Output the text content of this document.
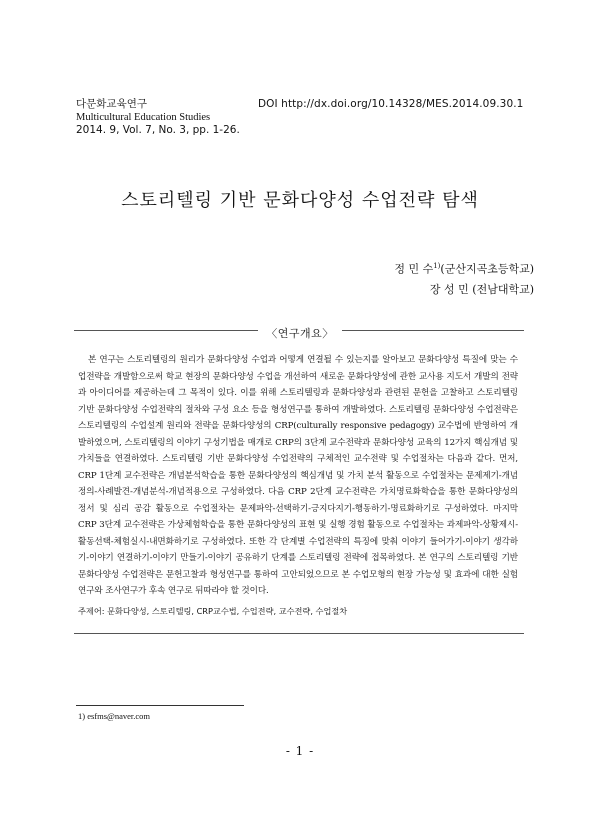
다문화교육연구
Multicultural Education Studies
2014. 9, Vol. 7, No. 3, pp. 1-26.
DOI http://dx.doi.org/10.14328/MES.2014.09.30.1
스토리텔링 기반 문화다양성 수업전략 탐색
정 민 수$^{1)}$(군산지곡초등학교)
장 성 민 (전남대학교)
〈연구개요〉
본 연구는 스토리텔링의 원리가 문화다양성 수업과 어떻게 연결될 수 있는지를 알아보고 문화다양성 특질에 맞는 수업전략을 개발함으로써 학교 현장의 문화다양성 수업을 개선하여 새로운 문화다양성에 관한 교사용 지도서 개발의 전략과 아이디어를 제공하는데 그 목적이 있다. 이를 위해 스토리텔링과 문화다양성과 관련된 문헌을 고찰하고 스토리텔링 기반 문화다양성 수업전략의 절차와 구성 요소 등을 형성연구를 통하여 개발하였다. 스토리텔링 문화다양성 수업전략은 스토리텔링의 수업설계 원리와 전략을 문화다양성의 CRP(culturally responsive pedagogy) 교수법에 반영하여 개발하였으며, 스토리텔링의 이야기 구성기법을 매개로 CRP의 3단계 교수전략과 문화다양성 교육의 12가지 핵심개념 및 가치들을 연결하였다. 스토리텔링 기반 문화다양성 수업전략의 구체적인 교수전략 및 수업절차는 다음과 같다. 먼저, CRP 1단계 교수전략은 개념분석학습을 통한 문화다양성의 핵심개념 및 가치 분석 활동으로 수업절차는 문제제기-개념정의-사례발견-개념분석-개념적용으로 구성하였다. 다음 CRP 2단계 교수전략은 가치명료화학습을 통한 문화다양성의 정서 및 심리 공감 활동으로 수업절차는 문제파악-선택하기-긍지다지기-행동하기-명료화하기로 구성하였다. 마지막 CRP 3단계 교수전략은 가상체험학습을 통한 문화다양성의 표현 및 실행 경험 활동으로 수업절차는 과제파악-상황제시-활동선택-체험실시-내면화하기로 구성하였다. 또한 각 단계별 수업전략의 특징에 맞춰 이야기 들어가기-이야기 생각하기-이야기 연결하기-이야기 만들기-이야기 공유하기 단계를 스토리텔링 전략에 접목하였다. 본 연구의 스토리텔링 기반 문화다양성 수업전략은 문헌고찰과 형성연구를 통하여 고안되었으므로 본 수업모형의 현장 가능성 및 효과에 대한 실험연구와 조사연구가 후속 연구로 뒤따라야 할 것이다.
주제어: 문화다양성, 스토리텔링, CRP교수법, 수업전략, 교수전략, 수업절차
1) esfms@naver.com
- 1 -
